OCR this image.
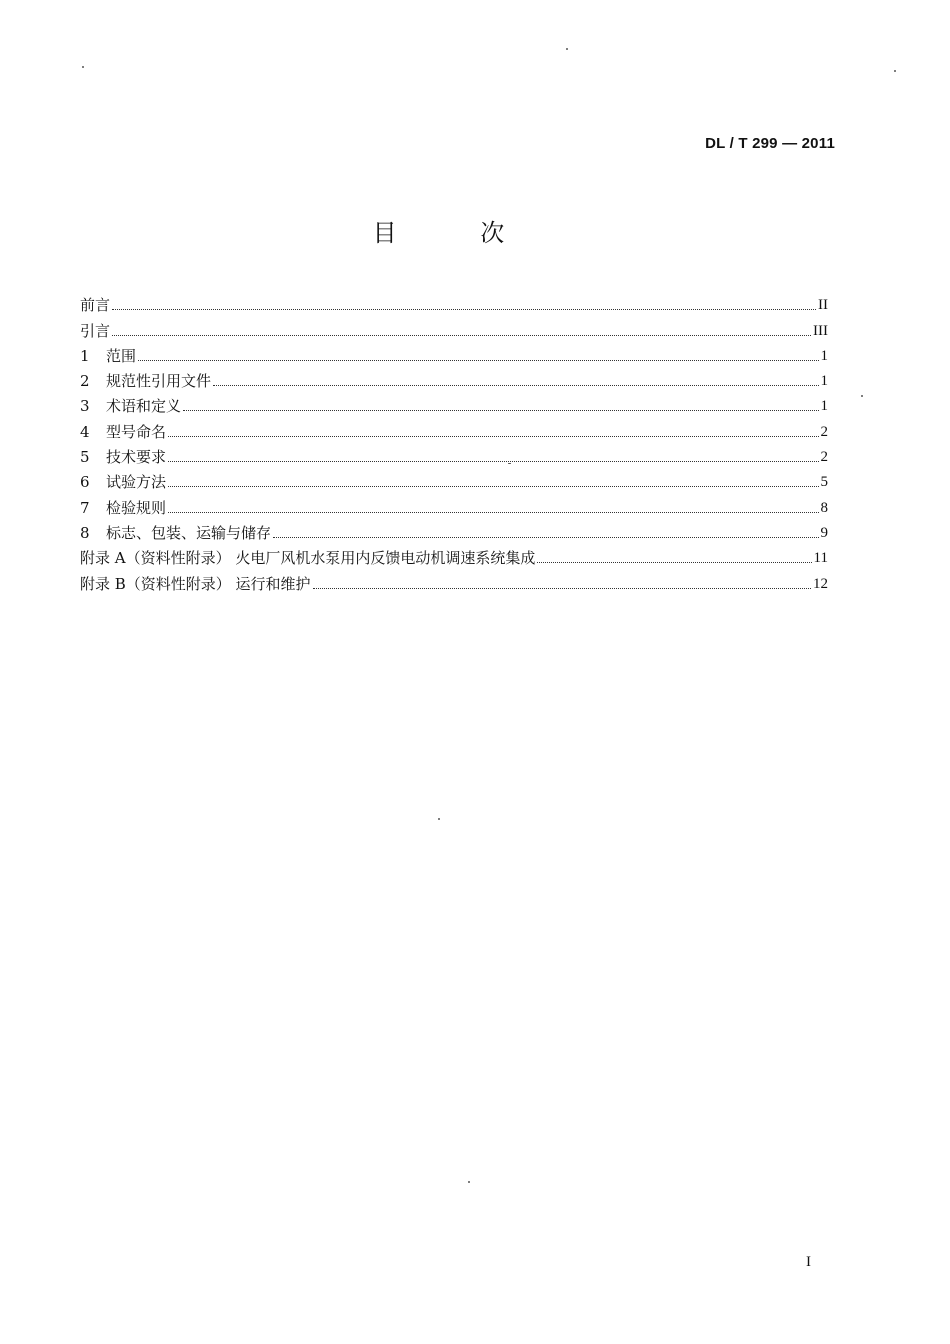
DL / T 299 — 2011
目 次
前言	II
引言	III
1	范围	1
2	规范性引用文件	1
3	术语和定义	1
4	型号命名	2
5	技术要求	2
6	试验方法	5
7	检验规则	8
8	标志、包装、运输与储存	9
附录 A（资料性附录） 火电厂风机水泵用内反馈电动机调速系统集成	11
附录 B（资料性附录） 运行和维护	12
I
